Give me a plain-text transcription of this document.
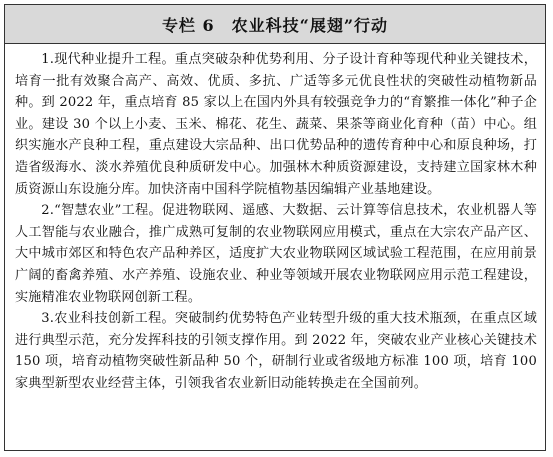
专栏 6　农业科技“展翅”行动

1.现代种业提升工程。重点突破杂种优势利用、分子设计育种等现代种业关键技术，培育一批有效聚合高产、高效、优质、多抗、广适等多元优良性状的突破性动植物新品种。到 2022 年，重点培育 85 家以上在国内外具有较强竞争力的“育繁推一体化”种子企业。建设 30 个以上小麦、玉米、棉花、花生、蔬菜、果茶等商业化育种（苗）中心。组织实施水产良种工程，重点建设大宗品种、出口优势品种的遗传育种中心和原良种场，打造省级海水、淡水养殖优良种质研发中心。加强林木种质资源建设，支持建立国家林木种质资源山东设施分库。加快济南中国科学院植物基因编辑产业基地建设。

2.“智慧农业”工程。促进物联网、遥感、大数据、云计算等信息技术，农业机器人等人工智能与农业融合，推广成熟可复制的农业物联网应用模式，重点在大宗农产品产区、大中城市郊区和特色农产品种养区，适度扩大农业物联网区域试验工程范围，在应用前景广阔的畜禽养殖、水产养殖、设施农业、种业等领域开展农业物联网应用示范工程建设，实施精准农业物联网创新工程。

3.农业科技创新工程。突破制约优势特色产业转型升级的重大技术瓶颈，在重点区域进行典型示范，充分发挥科技的引领支撑作用。到 2022 年，突破农业产业核心关键技术 150 项，培育动植物突破性新品种 50 个，研制行业或省级地方标准 100 项，培育 100 家典型新型农业经营主体，引领我省农业新旧动能转换走在全国前列。
